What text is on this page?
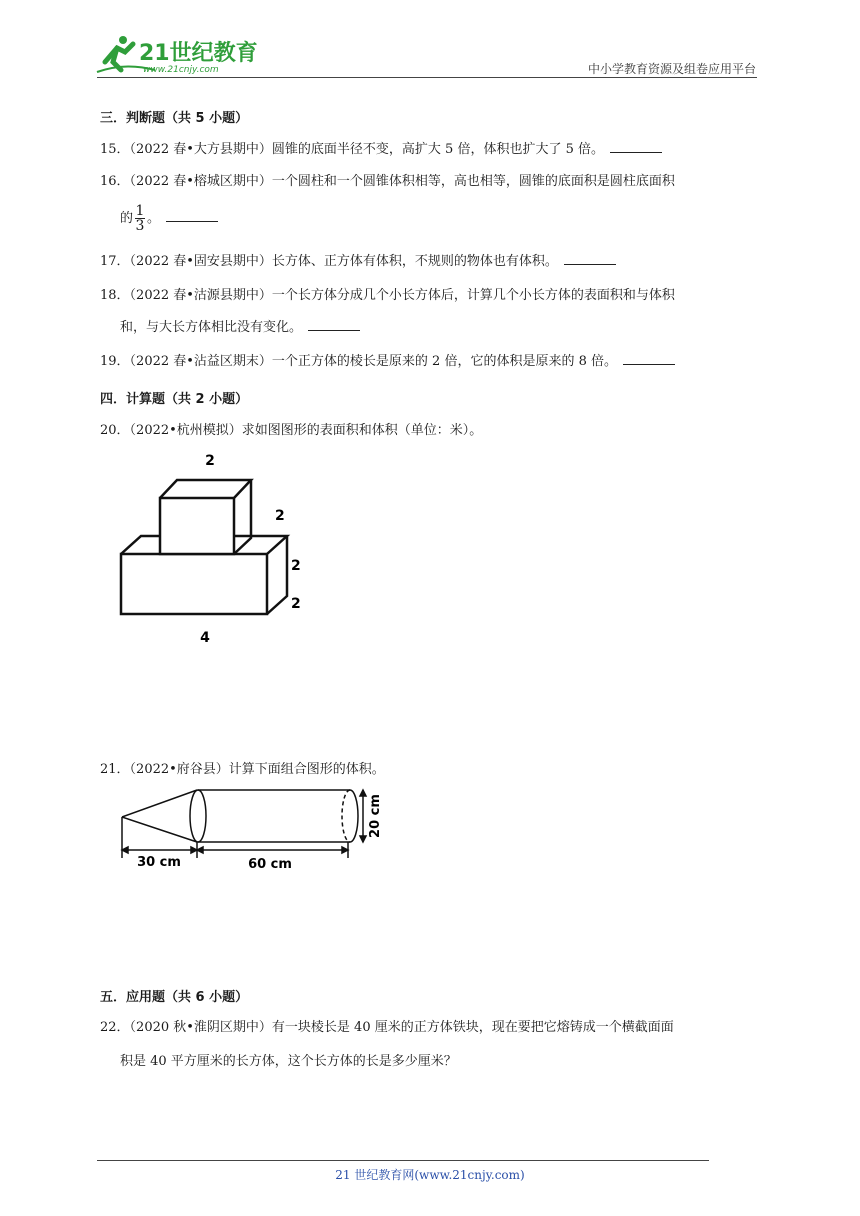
21世纪教育
www.21cnjy.com	中小学教育资源及组卷应用平台
三．判断题（共 5 小题）
15．（2022 春•大方县期中）圆锥的底面半径不变，高扩大 5 倍，体积也扩大了 5 倍。
16．（2022 春•榕城区期中）一个圆柱和一个圆锥体积相等，高也相等，圆锥的底面积是圆柱底面积
的 $\frac{1}{3}$ 。
17．（2022 春•固安县期中）长方体、正方体有体积，不规则的物体也有体积。
18．（2022 春•沽源县期中）一个长方体分成几个小长方体后，计算几个小长方体的表面积和与体积
和，与大长方体相比没有变化。
19．（2022 春•沾益区期末）一个正方体的棱长是原来的 2 倍，它的体积是原来的 8 倍。
四．计算题（共 2 小题）
20．（2022•杭州模拟）求如图图形的表面积和体积（单位：米）。
2
2
2
2
4
21．（2022•府谷县）计算下面组合图形的体积。
30 cm	60 cm
20 cm
五．应用题（共 6 小题）
22．（2020 秋•淮阴区期中）有一块棱长是 40 厘米的正方体铁块，现在要把它熔铸成一个横截面面
积是 40 平方厘米的长方体，这个长方体的长是多少厘米？
21 世纪教育网(www.21cnjy.com)
